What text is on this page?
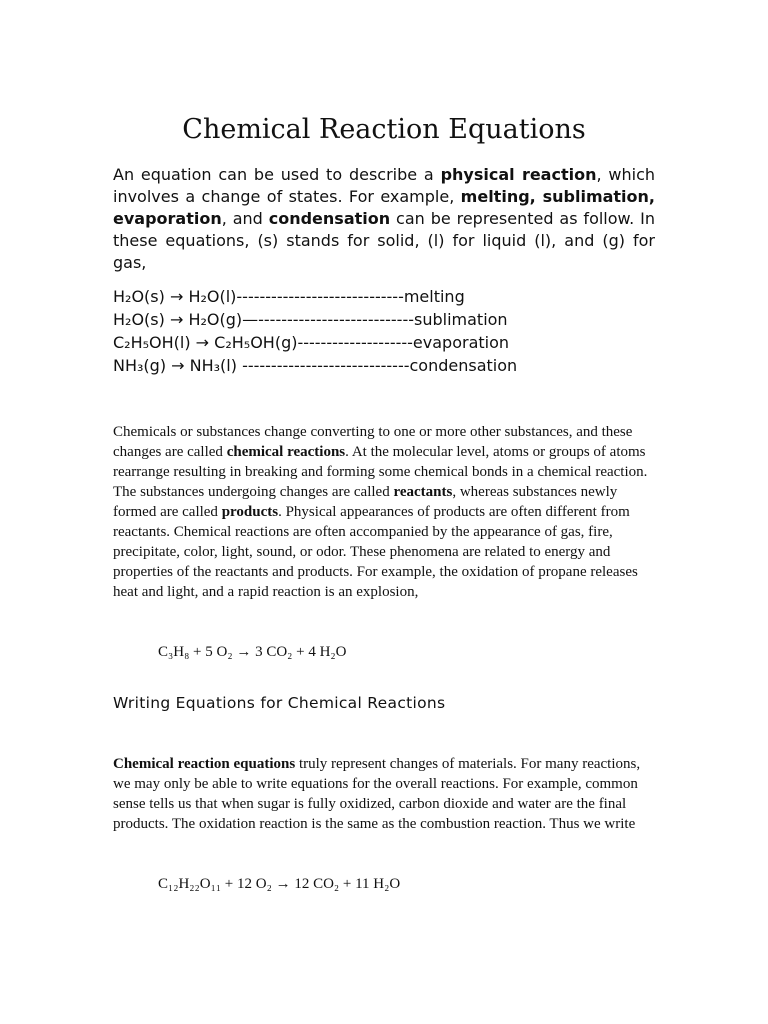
Chemical Reaction Equations

An equation can be used to describe a physical reaction, which involves a change of states. For example, melting, sublimation, evaporation, and condensation can be represented as follow. In these equations, (s) stands for solid, (l) for liquid (l), and (g) for gas,

H₂O(s) → H₂O(l)-----------------------------melting
H₂O(s) → H₂O(g)—---------------------------sublimation
C₂H₅OH(l) → C₂H₅OH(g)--------------------evaporation
NH₃(g) → NH₃(l) -----------------------------condensation

Chemicals or substances change converting to one or more other substances, and these changes are called chemical reactions. At the molecular level, atoms or groups of atoms rearrange resulting in breaking and forming some chemical bonds in a chemical reaction. The substances undergoing changes are called reactants, whereas substances newly formed are called products. Physical appearances of products are often different from reactants. Chemical reactions are often accompanied by the appearance of gas, fire, precipitate, color, light, sound, or odor. These phenomena are related to energy and properties of the reactants and products. For example, the oxidation of propane releases heat and light, and a rapid reaction is an explosion,

C₃H₈ + 5 O₂ → 3 CO₂ + 4 H₂O
Writing Equations for Chemical Reactions

Chemical reaction equations truly represent changes of materials. For many reactions, we may only be able to write equations for the overall reactions. For example, common sense tells us that when sugar is fully oxidized, carbon dioxide and water are the final products. The oxidation reaction is the same as the combustion reaction. Thus we write

C₁₂H₂₂O₁₁ + 12 O₂ → 12 CO₂ + 11 H₂O
